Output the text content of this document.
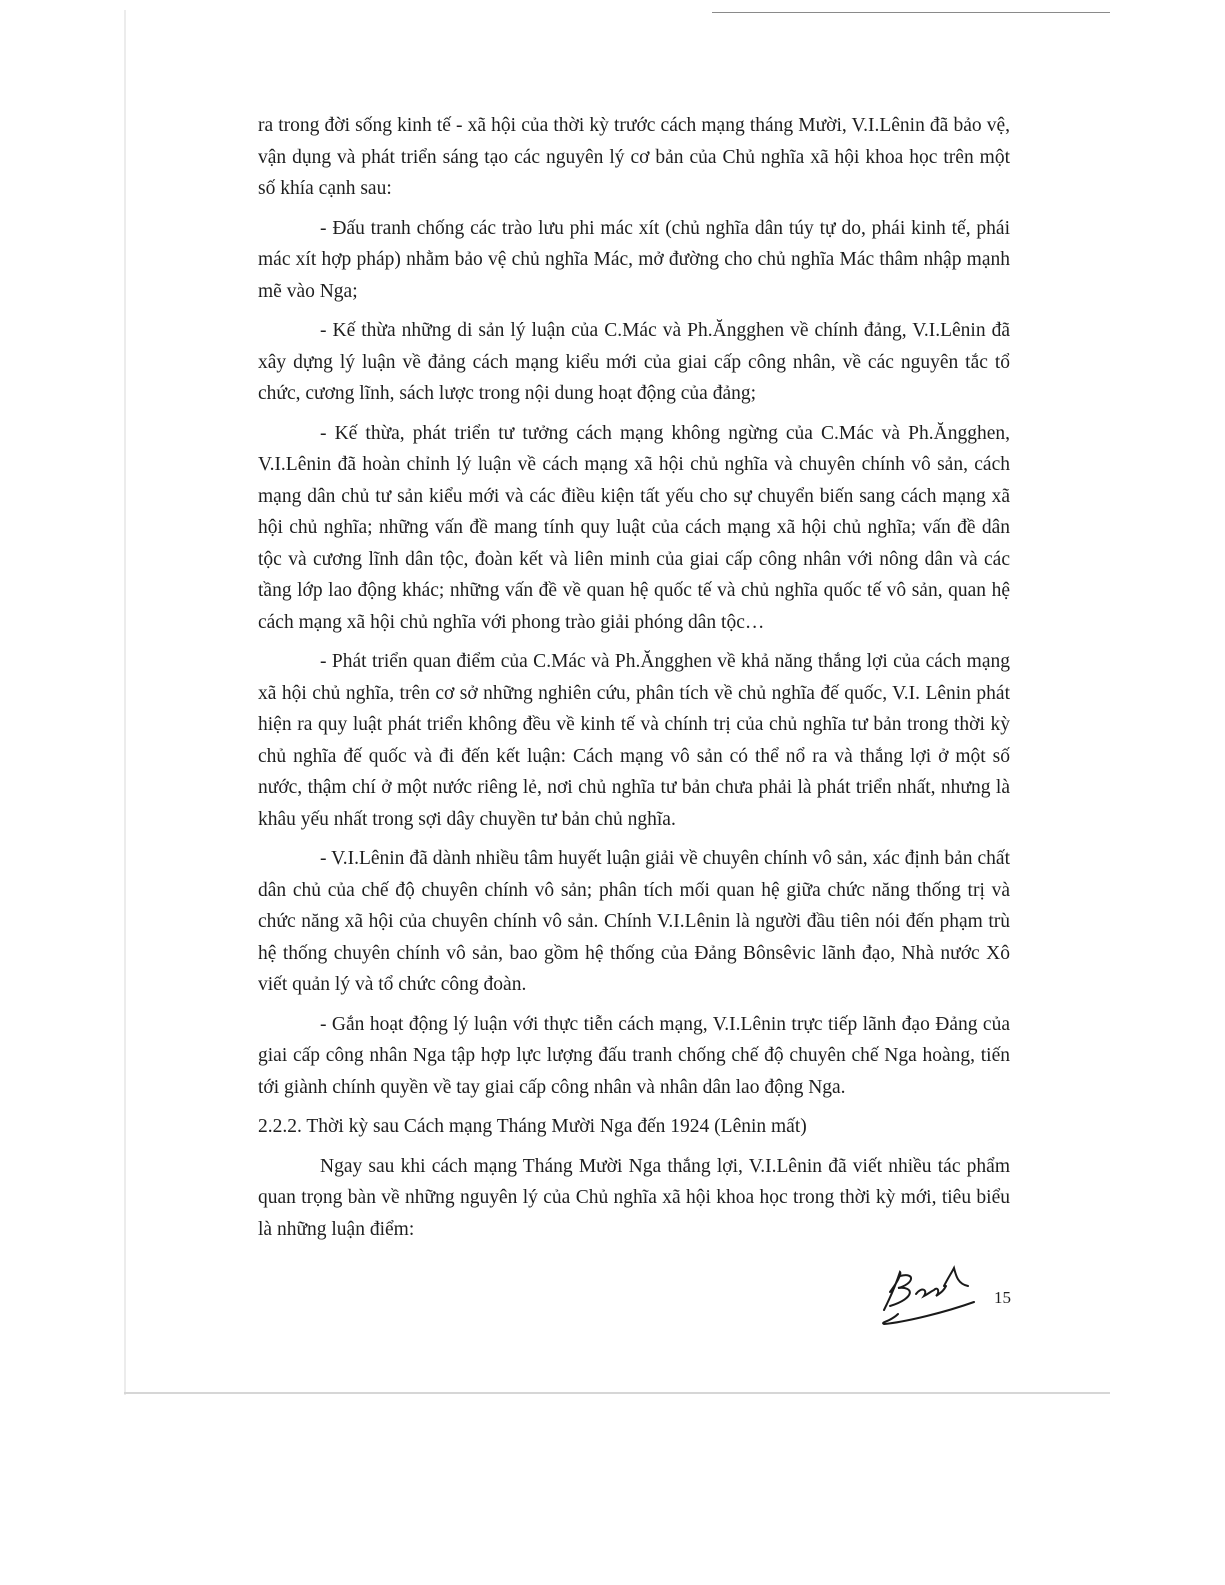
ra trong đời sống kinh tế - xã hội của thời kỳ trước cách mạng tháng Mười, V.I.Lênin đã bảo vệ, vận dụng và phát triển sáng tạo các nguyên lý cơ bản của Chủ nghĩa xã hội khoa học trên một số khía cạnh sau:

- Đấu tranh chống các trào lưu phi mác xít (chủ nghĩa dân túy tự do, phái kinh tế, phái mác xít hợp pháp) nhằm bảo vệ chủ nghĩa Mác, mở đường cho chủ nghĩa Mác thâm nhập mạnh mẽ vào Nga;

- Kế thừa những di sản lý luận của C.Mác và Ph.Ăngghen về chính đảng, V.I.Lênin đã xây dựng lý luận về đảng cách mạng kiểu mới của giai cấp công nhân, về các nguyên tắc tổ chức, cương lĩnh, sách lược trong nội dung hoạt động của đảng;

- Kế thừa, phát triển tư tưởng cách mạng không ngừng của C.Mác và Ph.Ăngghen, V.I.Lênin đã hoàn chỉnh lý luận về cách mạng xã hội chủ nghĩa và chuyên chính vô sản, cách mạng dân chủ tư sản kiểu mới và các điều kiện tất yếu cho sự chuyển biến sang cách mạng xã hội chủ nghĩa; những vấn đề mang tính quy luật của cách mạng xã hội chủ nghĩa; vấn đề dân tộc và cương lĩnh dân tộc, đoàn kết và liên minh của giai cấp công nhân với nông dân và các tầng lớp lao động khác; những vấn đề về quan hệ quốc tế và chủ nghĩa quốc tế vô sản, quan hệ cách mạng xã hội chủ nghĩa với phong trào giải phóng dân tộc…

- Phát triển quan điểm của C.Mác và Ph.Ăngghen về khả năng thắng lợi của cách mạng xã hội chủ nghĩa, trên cơ sở những nghiên cứu, phân tích về chủ nghĩa đế quốc, V.I. Lênin phát hiện ra quy luật phát triển không đều về kinh tế và chính trị của chủ nghĩa tư bản trong thời kỳ chủ nghĩa đế quốc và đi đến kết luận: Cách mạng vô sản có thể nổ ra và thắng lợi ở một số nước, thậm chí ở một nước riêng lẻ, nơi chủ nghĩa tư bản chưa phải là phát triển nhất, nhưng là khâu yếu nhất trong sợi dây chuyền tư bản chủ nghĩa.

- V.I.Lênin đã dành nhiều tâm huyết luận giải về chuyên chính vô sản, xác định bản chất dân chủ của chế độ chuyên chính vô sản; phân tích mối quan hệ giữa chức năng thống trị và chức năng xã hội của chuyên chính vô sản. Chính V.I.Lênin là người đầu tiên nói đến phạm trù hệ thống chuyên chính vô sản, bao gồm hệ thống của Đảng Bônsêvic lãnh đạo, Nhà nước Xô viết quản lý và tổ chức công đoàn.

- Gắn hoạt động lý luận với thực tiễn cách mạng, V.I.Lênin trực tiếp lãnh đạo Đảng của giai cấp công nhân Nga tập hợp lực lượng đấu tranh chống chế độ chuyên chế Nga hoàng, tiến tới giành chính quyền về tay giai cấp công nhân và nhân dân lao động Nga.

2.2.2. Thời kỳ sau Cách mạng Tháng Mười Nga đến 1924 (Lênin mất)

Ngay sau khi cách mạng Tháng Mười Nga thắng lợi, V.I.Lênin đã viết nhiều tác phẩm quan trọng bàn về những nguyên lý của Chủ nghĩa xã hội khoa học trong thời kỳ mới, tiêu biểu là những luận điểm:

15
